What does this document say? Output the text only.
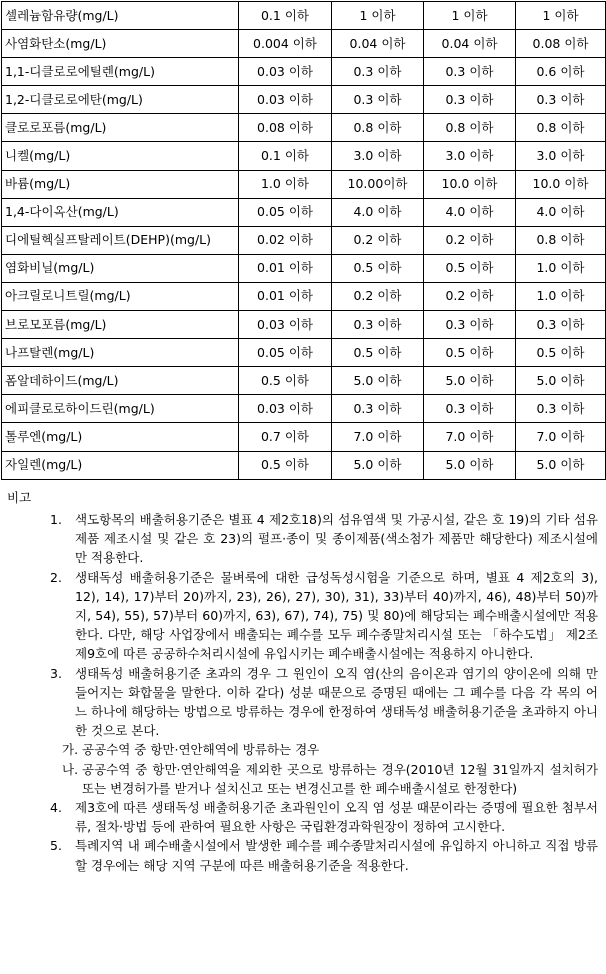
셀레늄함유량(mg/L)	0.1 이하	1 이하	1 이하	1 이하
사염화탄소(mg/L)	0.004 이하	0.04 이하	0.04 이하	0.08 이하
1,1-디클로로에틸렌(mg/L)	0.03 이하	0.3 이하	0.3 이하	0.6 이하
1,2-디클로로에탄(mg/L)	0.03 이하	0.3 이하	0.3 이하	0.3 이하
클로로포름(mg/L)	0.08 이하	0.8 이하	0.8 이하	0.8 이하
니켈(mg/L)	0.1 이하	3.0 이하	3.0 이하	3.0 이하
바륨(mg/L)	1.0 이하	10.00이하	10.0 이하	10.0 이하
1,4-다이옥산(mg/L)	0.05 이하	4.0 이하	4.0 이하	4.0 이하
디에틸헥실프탈레이트(DEHP)(mg/L)	0.02 이하	0.2 이하	0.2 이하	0.8 이하
염화비닐(mg/L)	0.01 이하	0.5 이하	0.5 이하	1.0 이하
아크릴로니트릴(mg/L)	0.01 이하	0.2 이하	0.2 이하	1.0 이하
브로모포름(mg/L)	0.03 이하	0.3 이하	0.3 이하	0.3 이하
나프탈렌(mg/L)	0.05 이하	0.5 이하	0.5 이하	0.5 이하
폼알데하이드(mg/L)	0.5 이하	5.0 이하	5.0 이하	5.0 이하
에피클로로하이드린(mg/L)	0.03 이하	0.3 이하	0.3 이하	0.3 이하
톨루엔(mg/L)	0.7 이하	7.0 이하	7.0 이하	7.0 이하
자일렌(mg/L)	0.5 이하	5.0 이하	5.0 이하	5.0 이하
비고
1. 색도항목의 배출허용기준은 별표 4 제2호18)의 섬유염색 및 가공시설, 같은 호 19)의 기타 섬유제품 제조시설 및 같은 호 23)의 펄프·종이 및 종이제품(색소첨가 제품만 해당한다) 제조시설에만 적용한다.
2. 생태독성 배출허용기준은 물벼룩에 대한 급성독성시험을 기준으로 하며, 별표 4 제2호의 3), 12), 14), 17)부터 20)까지, 23), 26), 27), 30), 31), 33)부터 40)까지, 46), 48)부터 50)까지, 54), 55), 57)부터 60)까지, 63), 67), 74), 75) 및 80)에 해당되는 폐수배출시설에만 적용한다. 다만, 해당 사업장에서 배출되는 폐수를 모두 폐수종말처리시설 또는 「하수도법」 제2조제9호에 따른 공공하수처리시설에 유입시키는 폐수배출시설에는 적용하지 아니한다.
3. 생태독성 배출허용기준 초과의 경우 그 원인이 오직 염(산의 음이온과 염기의 양이온에 의해 만들어지는 화합물을 말한다. 이하 같다) 성분 때문으로 증명된 때에는 그 폐수를 다음 각 목의 어느 하나에 해당하는 방법으로 방류하는 경우에 한정하여 생태독성 배출허용기준을 초과하지 아니한 것으로 본다.
가. 공공수역 중 항만·연안해역에 방류하는 경우
나. 공공수역 중 항만·연안해역을 제외한 곳으로 방류하는 경우(2010년 12월 31일까지 설치허가 또는 변경허가를 받거나 설치신고 또는 변경신고를 한 폐수배출시설로 한정한다)
4. 제3호에 따른 생태독성 배출허용기준 초과원인이 오직 염 성분 때문이라는 증명에 필요한 첨부서류, 절차·방법 등에 관하여 필요한 사항은 국립환경과학원장이 정하여 고시한다.
5. 특례지역 내 폐수배출시설에서 발생한 폐수를 폐수종말처리시설에 유입하지 아니하고 직접 방류할 경우에는 해당 지역 구분에 따른 배출허용기준을 적용한다.
